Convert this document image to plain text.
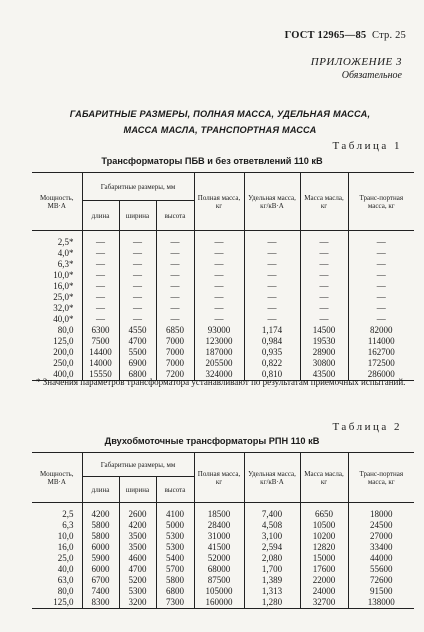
ГОСТ 12965—85 Стр. 25
ПРИЛОЖЕНИЕ 3
Обязательное
ГАБАРИТНЫЕ РАЗМЕРЫ, ПОЛНАЯ МАССА, УДЕЛЬНАЯ МАССА,
МАССА МАСЛА, ТРАНСПОРТНАЯ МАССА
Таблица 1
Трансформаторы ПБВ и без ответвлений 110 кВ
Мощность, МВ·А	Габаритные размеры, мм			Полная масса, кг	Удельная масса, кг/кВ·А	Масса масла, кг	Транс-портная масса, кг
	длина	ширина	высота				

2,5*	—	—	—	—	—	—	—
4,0*	—	—	—	—	—	—	—
6,3*	—	—	—	—	—	—	—
10,0*	—	—	—	—	—	—	—
16,0*	—	—	—	—	—	—	—
25,0*	—	—	—	—	—	—	—
32,0*	—	—	—	—	—	—	—
40,0*	—	—	—	—	—	—	—
80,0	6300	4550	6850	93000	1,174	14500	82000
125,0	7500	4700	7000	123000	0,984	19530	114000
200,0	14400	5500	7000	187000	0,935	28900	162700
250,0	14000	6900	7000	205500	0,822	30800	172500
400,0	15550	6800	7200	324000	0,810	43500	286000
* Значения параметров трансформатора устанавливают по результатам приемочных испытаний.
Таблица 2
Двухобмоточные трансформаторы РПН 110 кВ
Мощность, МВ·А	Габаритные размеры, мм			Полная масса, кг	Удельная масса, кг/кВ·А	Масса масла, кг	Транс-портная масса, кг
	длина	ширина	высота				

2,5	4200	2600	4100	18500	7,400	6650	18000
6,3	5800	4200	5000	28400	4,508	10500	24500
10,0	5800	3500	5300	31000	3,100	10200	27000
16,0	6000	3500	5300	41500	2,594	12820	33400
25,0	5900	4600	5400	52000	2,080	15000	44000
40,0	6000	4700	5700	68000	1,700	17600	55600
63,0	6700	5200	5800	87500	1,389	22000	72600
80,0	7400	5300	6800	105000	1,313	24000	91500
125,0	8300	3200	7300	160000	1,280	32700	138000
